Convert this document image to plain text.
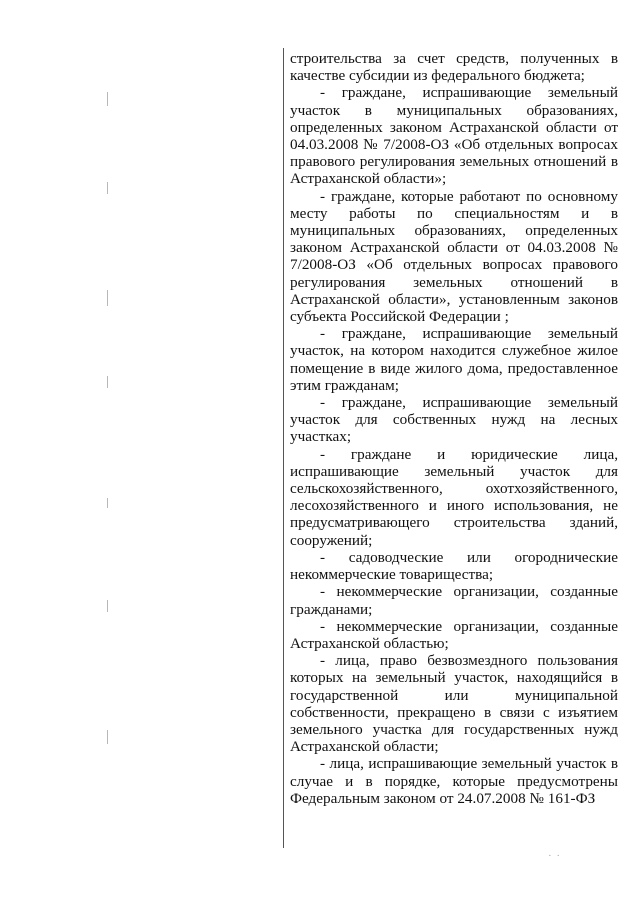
строительства за счет средств, полученных в качестве субсидии из федерального бюджета;

- граждане, испрашивающие земельный участок в муниципальных образованиях, определенных законом Астраханской области от 04.03.2008 № 7/2008-ОЗ «Об отдельных вопросах правового регулирования земельных отношений в Астраханской области»;

- граждане, которые работают по основному месту работы по специальностям и в муниципальных образованиях, определенных законом Астраханской области от 04.03.2008 № 7/2008-ОЗ «Об отдельных вопросах правового регулирования земельных отношений в Астраханской области», установленным законов субъекта Российской Федерации ;

- граждане, испрашивающие земельный участок, на котором находится служебное жилое помещение в виде жилого дома, предоставленное этим гражданам;

- граждане, испрашивающие земельный участок для собственных нужд на лесных участках;

- граждане и юридические лица, испрашивающие земельный участок для сельскохозяйственного, охотхозяйственного, лесохозяйственного и иного использования, не предусматривающего строительства зданий, сооружений;

- садоводческие или огороднические некоммерческие товарищества;

- некоммерческие организации, созданные гражданами;

- некоммерческие организации, созданные Астраханской областью;

- лица, право безвозмездного пользования которых на земельный участок, находящийся в государственной или муниципальной собственности, прекращено в связи с изъятием земельного участка для государственных нужд Астраханской области;

- лица, испрашивающие земельный участок в случае и в порядке, которые предусмотрены Федеральным законом от 24.07.2008 № 161-ФЗ

· ·
